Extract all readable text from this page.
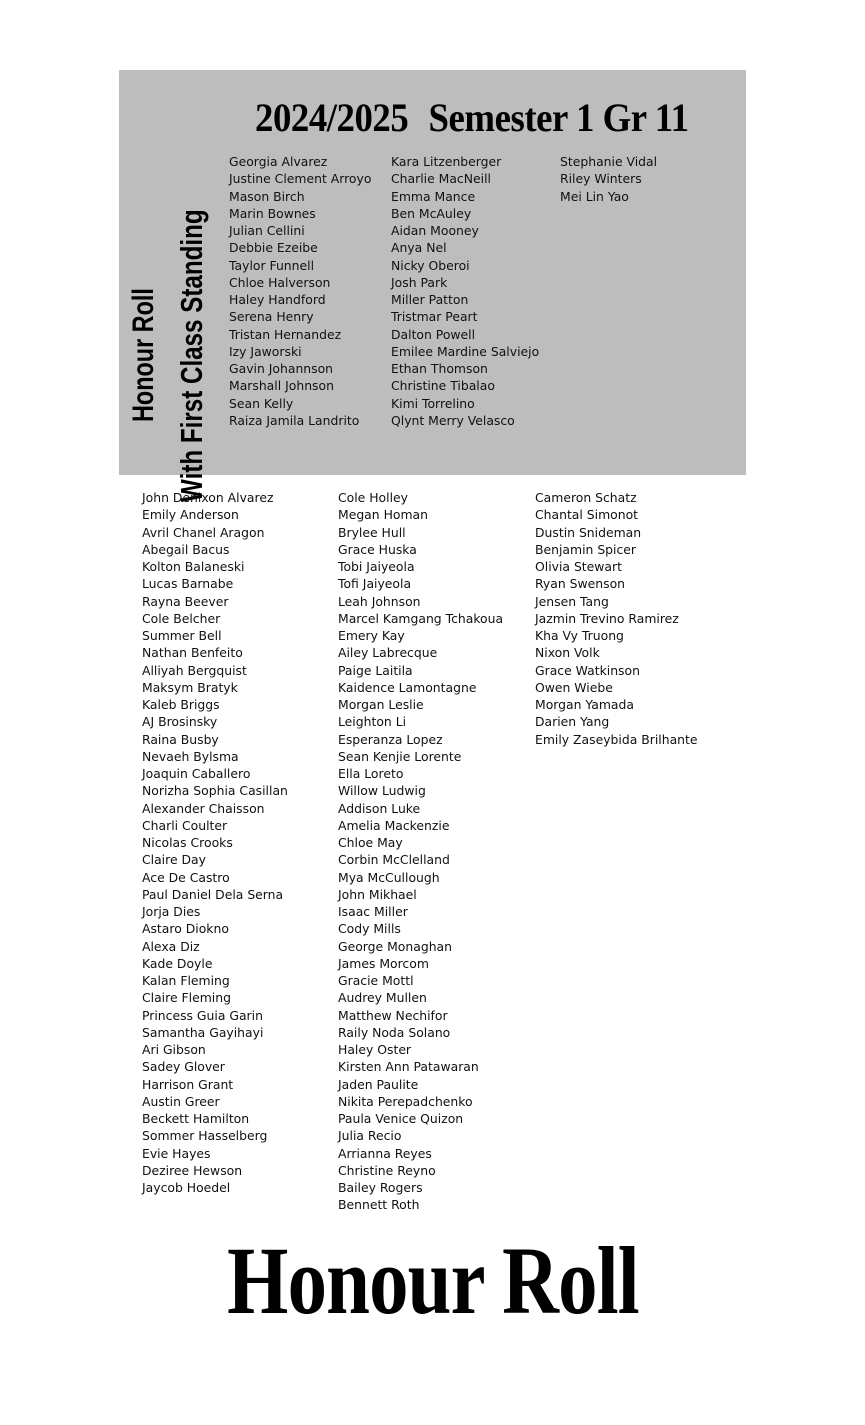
Honour Roll With First Class Standing
2024/2025 Semester 1 Gr 11
Georgia Alvarez
Justine Clement Arroyo
Mason Birch
Marin Bownes
Julian Cellini
Debbie Ezeibe
Taylor Funnell
Chloe Halverson
Haley Handford
Serena Henry
Tristan Hernandez
Izy Jaworski
Gavin Johannson
Marshall Johnson
Sean Kelly
Raiza Jamila Landrito
Kara Litzenberger
Charlie MacNeill
Emma Mance
Ben McAuley
Aidan Mooney
Anya Nel
Nicky Oberoi
Josh Park
Miller Patton
Tristmar Peart
Dalton Powell
Emilee Mardine Salviejo
Ethan Thomson
Christine Tibalao
Kimi Torrelino
Qlynt Merry Velasco
Stephanie Vidal
Riley Winters
Mei Lin Yao
John Denixon Alvarez
Emily Anderson
Avril Chanel Aragon
Abegail Bacus
Kolton Balaneski
Lucas Barnabe
Rayna Beever
Cole Belcher
Summer Bell
Nathan Benfeito
Alliyah Bergquist
Maksym Bratyk
Kaleb Briggs
AJ Brosinsky
Raina Busby
Nevaeh Bylsma
Joaquin Caballero
Norizha Sophia Casillan
Alexander Chaisson
Charli Coulter
Nicolas Crooks
Claire Day
Ace De Castro
Paul Daniel Dela Serna
Jorja Dies
Astaro Diokno
Alexa Diz
Kade Doyle
Kalan Fleming
Claire Fleming
Princess Guia Garin
Samantha Gayihayi
Ari Gibson
Sadey Glover
Harrison Grant
Austin Greer
Beckett Hamilton
Sommer Hasselberg
Evie Hayes
Deziree Hewson
Jaycob Hoedel
Cole Holley
Megan Homan
Brylee Hull
Grace Huska
Tobi Jaiyeola
Tofi Jaiyeola
Leah Johnson
Marcel Kamgang Tchakoua
Emery Kay
Ailey Labrecque
Paige Laitila
Kaidence Lamontagne
Morgan Leslie
Leighton Li
Esperanza Lopez
Sean Kenjie Lorente
Ella Loreto
Willow Ludwig
Addison Luke
Amelia Mackenzie
Chloe May
Corbin McClelland
Mya McCullough
John Mikhael
Isaac Miller
Cody Mills
George Monaghan
James Morcom
Gracie Mottl
Audrey Mullen
Matthew Nechifor
Raily Noda Solano
Haley Oster
Kirsten Ann Patawaran
Jaden Paulite
Nikita Perepadchenko
Paula Venice Quizon
Julia Recio
Arrianna Reyes
Christine Reyno
Bailey Rogers
Bennett Roth
Cameron Schatz
Chantal Simonot
Dustin Snideman
Benjamin Spicer
Olivia Stewart
Ryan Swenson
Jensen Tang
Jazmin Trevino Ramirez
Kha Vy Truong
Nixon Volk
Grace Watkinson
Owen Wiebe
Morgan Yamada
Darien Yang
Emily Zaseybida Brilhante
Honour Roll
